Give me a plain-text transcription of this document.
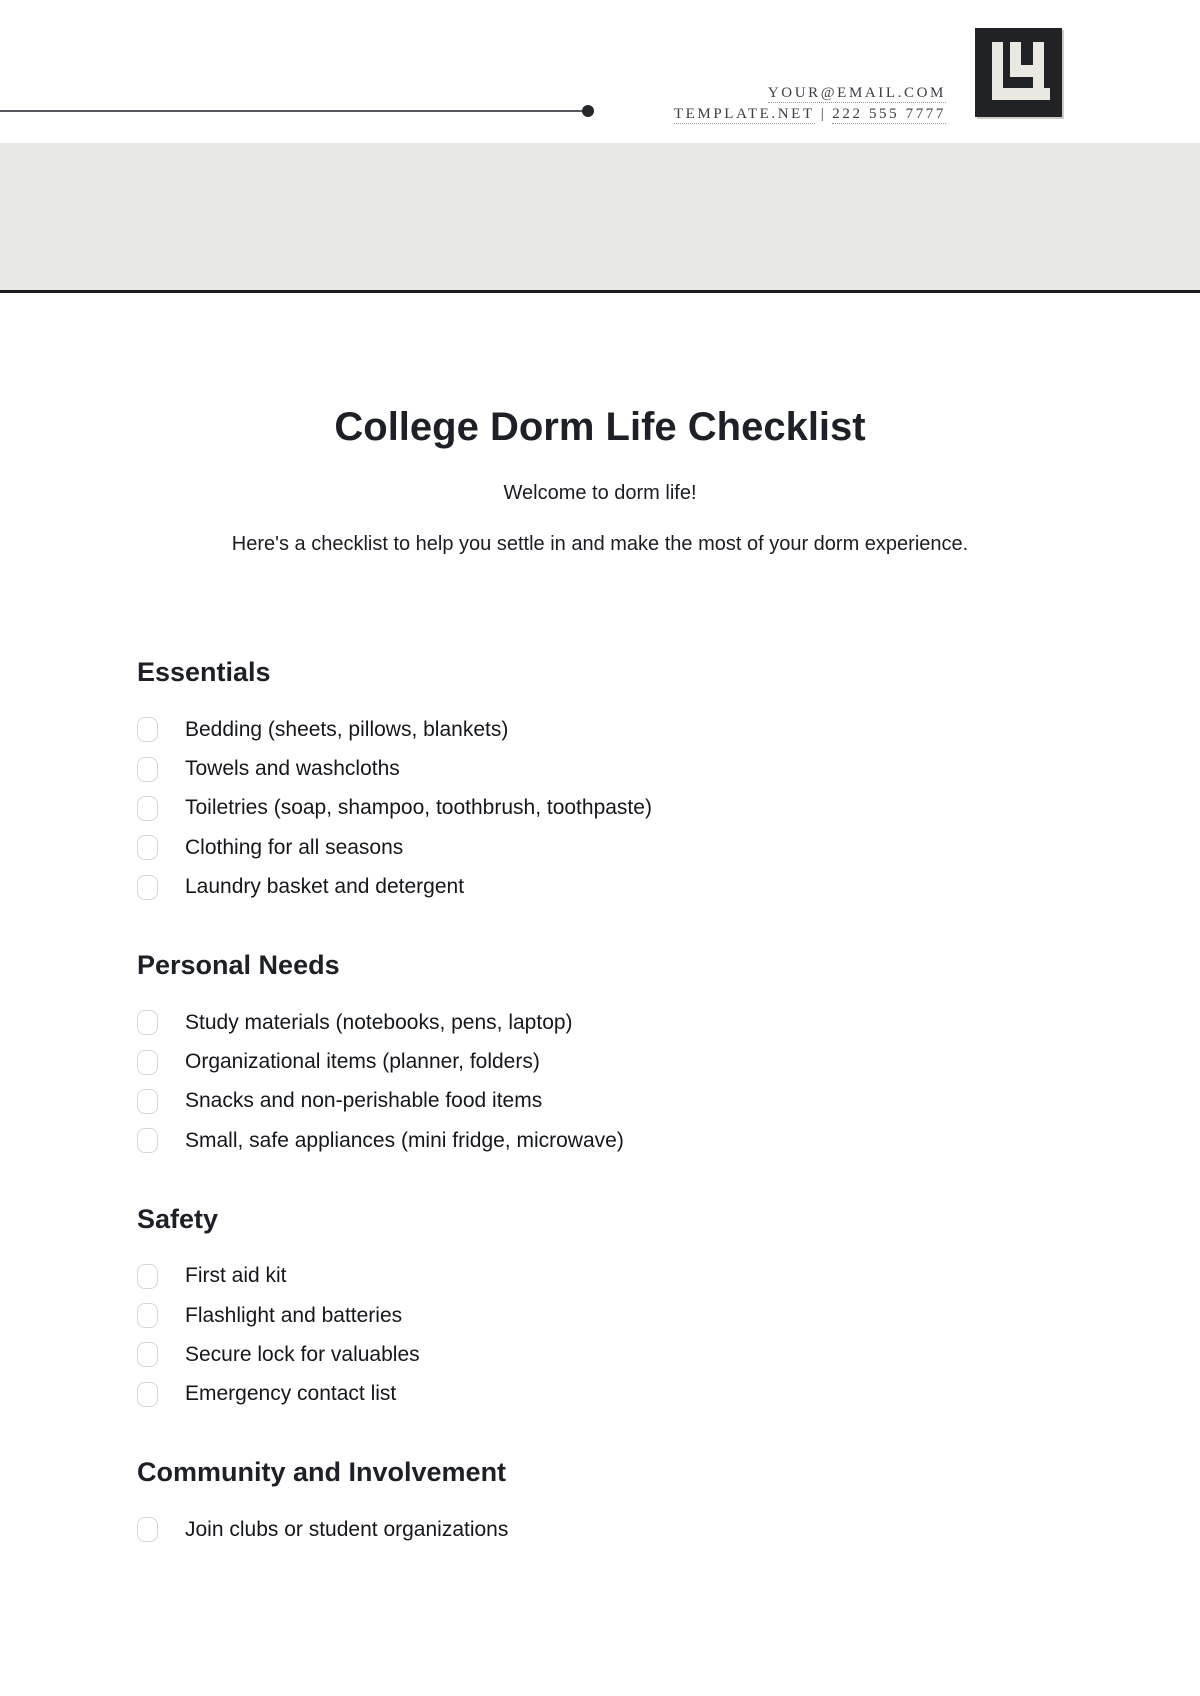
YOUR@EMAIL.COM
TEMPLATE.NET | 222 555 7777
College Dorm Life Checklist

Welcome to dorm life!

Here's a checklist to help you settle in and make the most of your dorm experience.

Essentials
Bedding (sheets, pillows, blankets)
Towels and washcloths
Toiletries (soap, shampoo, toothbrush, toothpaste)
Clothing for all seasons
Laundry basket and detergent
Personal Needs
Study materials (notebooks, pens, laptop)
Organizational items (planner, folders)
Snacks and non-perishable food items
Small, safe appliances (mini fridge, microwave)
Safety
First aid kit
Flashlight and batteries
Secure lock for valuables
Emergency contact list
Community and Involvement
Join clubs or student organizations
